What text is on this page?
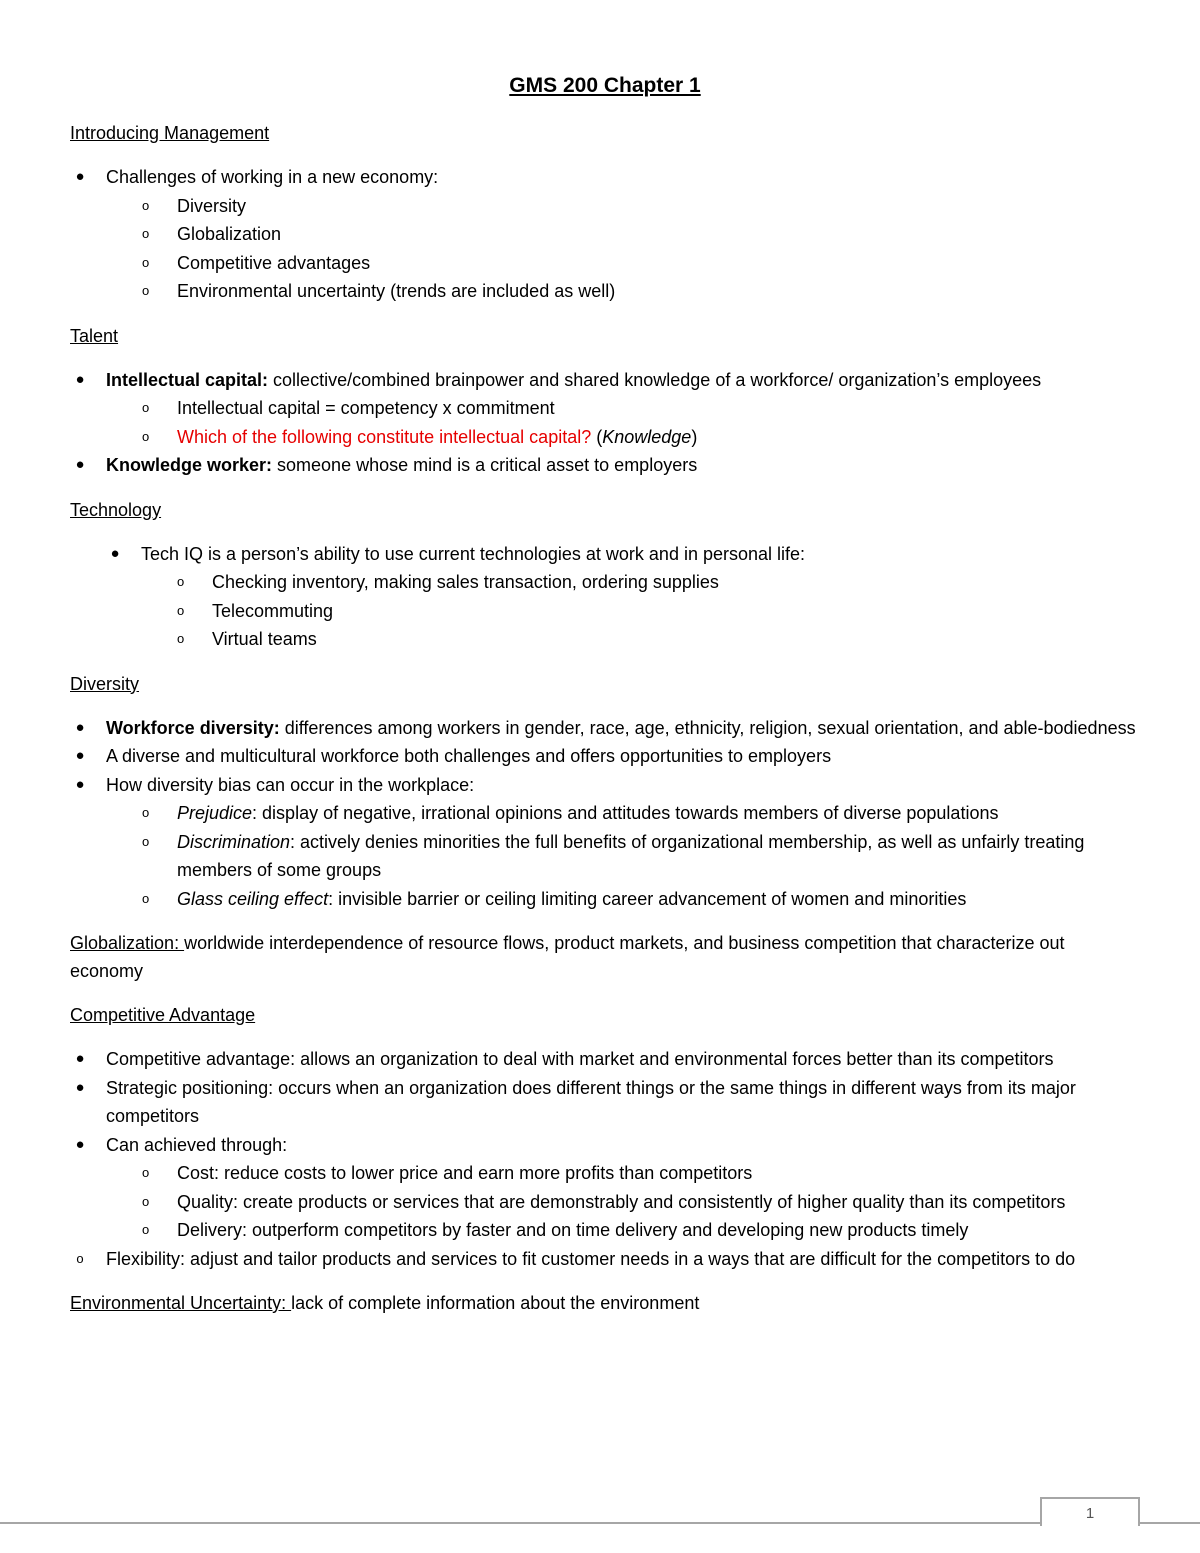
GMS 200 Chapter 1
Introducing Management
●	Challenges of working in a new economy:
o Diversity
o Globalization
o Competitive advantages
o Environmental uncertainty (trends are included as well)
Talent
●	Intellectual capital: collective/combined brainpower and shared knowledge of a workforce/ organization’s employees
o Intellectual capital = competency x commitment
o Which of the following constitute intellectual capital? (Knowledge)
●	Knowledge worker: someone whose mind is a critical asset to employers
Technology
●	Tech IQ is a person’s ability to use current technologies at work and in personal life:
o Checking inventory, making sales transaction, ordering supplies
o Telecommuting
o Virtual teams
Diversity
●	Workforce diversity: differences among workers in gender, race, age, ethnicity, religion, sexual orientation, and able-bodiedness
●	A diverse and multicultural workforce both challenges and offers opportunities to employers
●	How diversity bias can occur in the workplace:
o Prejudice: display of negative, irrational opinions and attitudes towards members of diverse populations
o Discrimination: actively denies minorities the full benefits of organizational membership, as well as unfairly treating members of some groups
o Glass ceiling effect: invisible barrier or ceiling limiting career advancement of women and minorities
Globalization: worldwide interdependence of resource flows, product markets, and business competition that characterize out economy
Competitive Advantage
●	Competitive advantage: allows an organization to deal with market and environmental forces better than its competitors
●	Strategic positioning: occurs when an organization does different things or the same things in different ways from its major competitors
●	Can achieved through:
o Cost: reduce costs to lower price and earn more profits than competitors
o Quality: create products or services that are demonstrably and consistently of higher quality than its competitors
o Delivery: outperform competitors by faster and on time delivery and developing new products timely
o	Flexibility: adjust and tailor products and services to fit customer needs in a ways that are difficult for the competitors to do
Environmental Uncertainty: lack of complete information about the environment
1
